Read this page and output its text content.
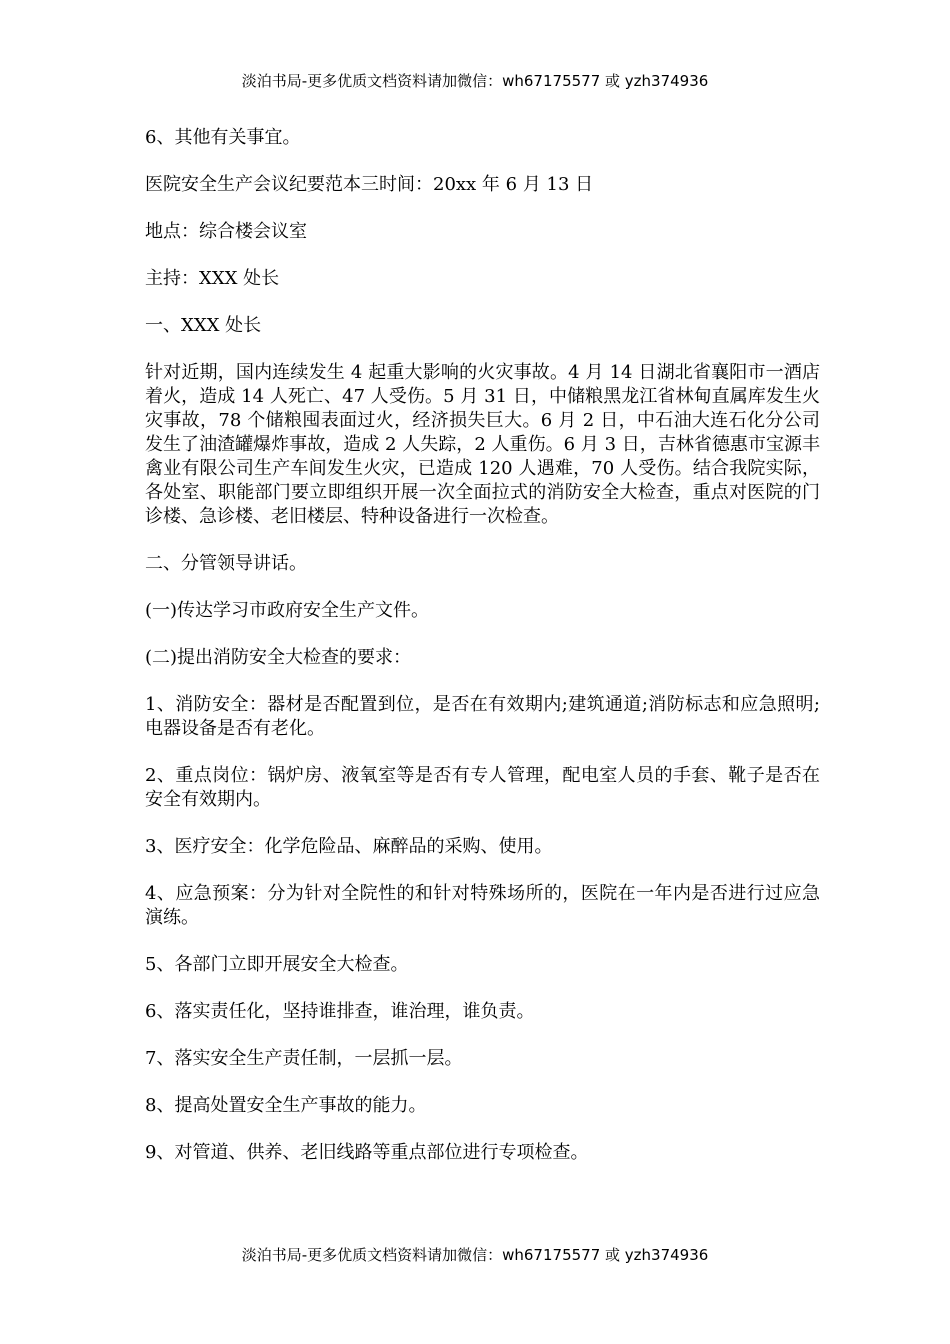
淡泊书局-更多优质文档资料请加微信：wh67175577 或 yzh374936

6、其他有关事宜。

医院安全生产会议纪要范本三时间：20xx 年 6 月 13 日

地点：综合楼会议室

主持：XXX 处长

一、XXX 处长

针对近期，国内连续发生 4 起重大影响的火灾事故。4 月 14 日湖北省襄阳市一酒店着火，造成 14 人死亡、47 人受伤。5 月 31 日，中储粮黑龙江省林甸直属库发生火灾事故，78 个储粮囤表面过火，经济损失巨大。6 月 2 日，中石油大连石化分公司发生了油渣罐爆炸事故，造成 2 人失踪，2 人重伤。6 月 3 日，吉林省德惠市宝源丰禽业有限公司生产车间发生火灾，已造成 120 人遇难，70 人受伤。结合我院实际，各处室、职能部门要立即组织开展一次全面拉式的消防安全大检查，重点对医院的门诊楼、急诊楼、老旧楼层、特种设备进行一次检查。

二、分管领导讲话。

(一)传达学习市政府安全生产文件。

(二)提出消防安全大检查的要求：

1、消防安全：器材是否配置到位，是否在有效期内;建筑通道;消防标志和应急照明;电器设备是否有老化。

2、重点岗位：锅炉房、液氧室等是否有专人管理，配电室人员的手套、靴子是否在安全有效期内。

3、医疗安全：化学危险品、麻醉品的采购、使用。

4、应急预案：分为针对全院性的和针对特殊场所的，医院在一年内是否进行过应急演练。

5、各部门立即开展安全大检查。

6、落实责任化，坚持谁排查，谁治理，谁负责。

7、落实安全生产责任制，一层抓一层。

8、提高处置安全生产事故的能力。

9、对管道、供养、老旧线路等重点部位进行专项检查。

淡泊书局-更多优质文档资料请加微信：wh67175577 或 yzh374936
